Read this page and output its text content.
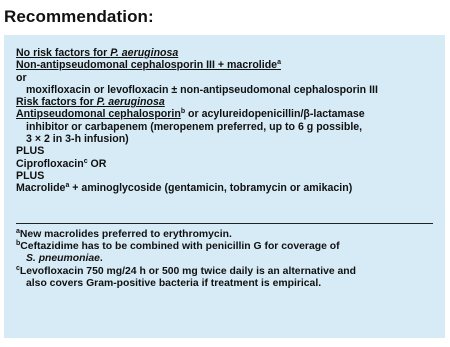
Recommendation:
No risk factors for P. aeruginosa
Non-antipseudomonal cephalosporin III + macrolide$^a$
or
moxifloxacin or levofloxacin ± non-antipseudomonal cephalosporin III
Risk factors for P. aeruginosa
Antipseudomonal cephalosporin$^b$ or acylureidopenicillin/β-lactamase
inhibitor or carbapenem (meropenem preferred, up to 6 g possible,
3 × 2 in 3-h infusion)
PLUS
Ciprofloxacin$^c$ OR
PLUS
Macrolide$^a$ + aminoglycoside (gentamicin, tobramycin or amikacin)
$^a$New macrolides preferred to erythromycin.
$^b$Ceftazidime has to be combined with penicillin G for coverage of
S. pneumoniae.
$^c$Levofloxacin 750 mg/24 h or 500 mg twice daily is an alternative and
also covers Gram-positive bacteria if treatment is empirical.
